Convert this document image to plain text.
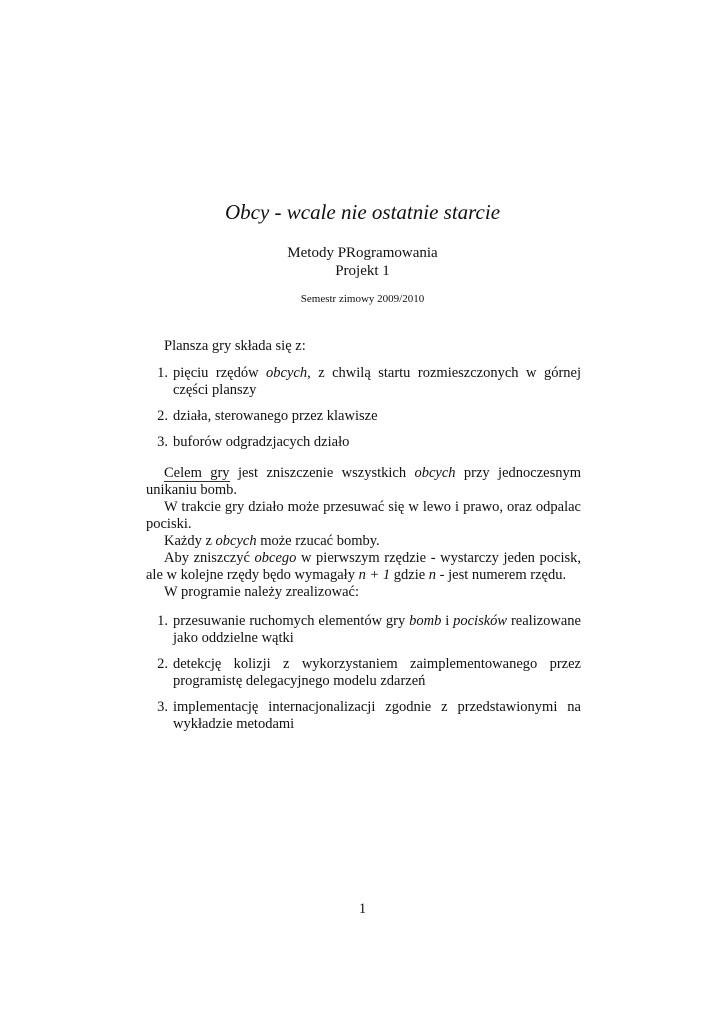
Obcy - wcale nie ostatnie starcie
Metody PRogramowania
Projekt 1
Semestr zimowy 2009/2010

Plansza gry składa się z:

1. pięciu rzędów obcych, z chwilą startu rozmieszczonych w górnej części planszy
2. działa, sterowanego przez klawisze
3. buforów odgradzjacych działo

Celem gry jest zniszczenie wszystkich obcych przy jednoczesnym unikaniu bomb.

W trakcie gry działo może przesuwać się w lewo i prawo, oraz odpalac pociski.

Każdy z obcych może rzucać bomby.

Aby zniszczyć obcego w pierwszym rzędzie - wystarczy jeden pocisk, ale w kolejne rzędy będo wymagały n + 1 gdzie n - jest numerem rzędu.

W programie należy zrealizować:

1. przesuwanie ruchomych elementów gry bomb i pocisków realizowane jako oddzielne wątki
2. detekcję kolizji z wykorzystaniem zaimplementowanego przez programistę delegacyjnego modelu zdarzeń
3. implementację internacjonalizacji zgodnie z przedstawionymi na wykładzie metodami
1
